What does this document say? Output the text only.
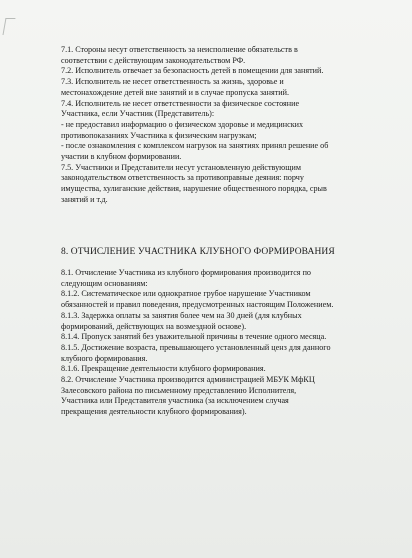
7.1. Стороны несут ответственность за неисполнение обязательств в
соответствии с действующим законодательством РФ.
7.2. Исполнитель отвечает за безопасность детей в помещении для занятий.
7.3. Исполнитель не несет ответственность за жизнь, здоровье и
местонахождение детей вне занятий и в случае пропуска занятий.
7.4. Исполнитель не несет ответственности за физическое состояние
Участника, если Участник (Представитель):
- не предоставил информацию о физическом здоровье и медицинских
противопоказаниях Участника к физическим нагрузкам;
- после ознакомления с комплексом нагрузок на занятиях принял решение об
участии в клубном формировании.
7.5. Участники и Представители несут установленную действующим
законодательством ответственность за противоправные деяния: порчу
имущества, хулиганские действия, нарушение общественного порядка, срыв
занятий и т.д.
8. ОТЧИСЛЕНИЕ УЧАСТНИКА КЛУБНОГО ФОРМИРОВАНИЯ
8.1. Отчисление Участника из клубного формирования производится по
следующим основаниям:
8.1.2. Систематическое или однократное грубое нарушение Участником
обязанностей и правил поведения, предусмотренных настоящим Положением.
8.1.3. Задержка оплаты за занятия более чем на 30 дней (для клубных
формирований, действующих на возмездной основе).
8.1.4. Пропуск занятий без уважительной причины в течение одного месяца.
8.1.5. Достижение возраста, превышающего установленный ценз для данного
клубного формирования.
8.1.6. Прекращение деятельности клубного формирования.
8.2. Отчисление Участника производится администрацией МБУК МфКЦ
Залесовского района по письменному представлению Исполнителя,
Участника или Представителя участника (за исключением случая
прекращения деятельности клубного формирования).
